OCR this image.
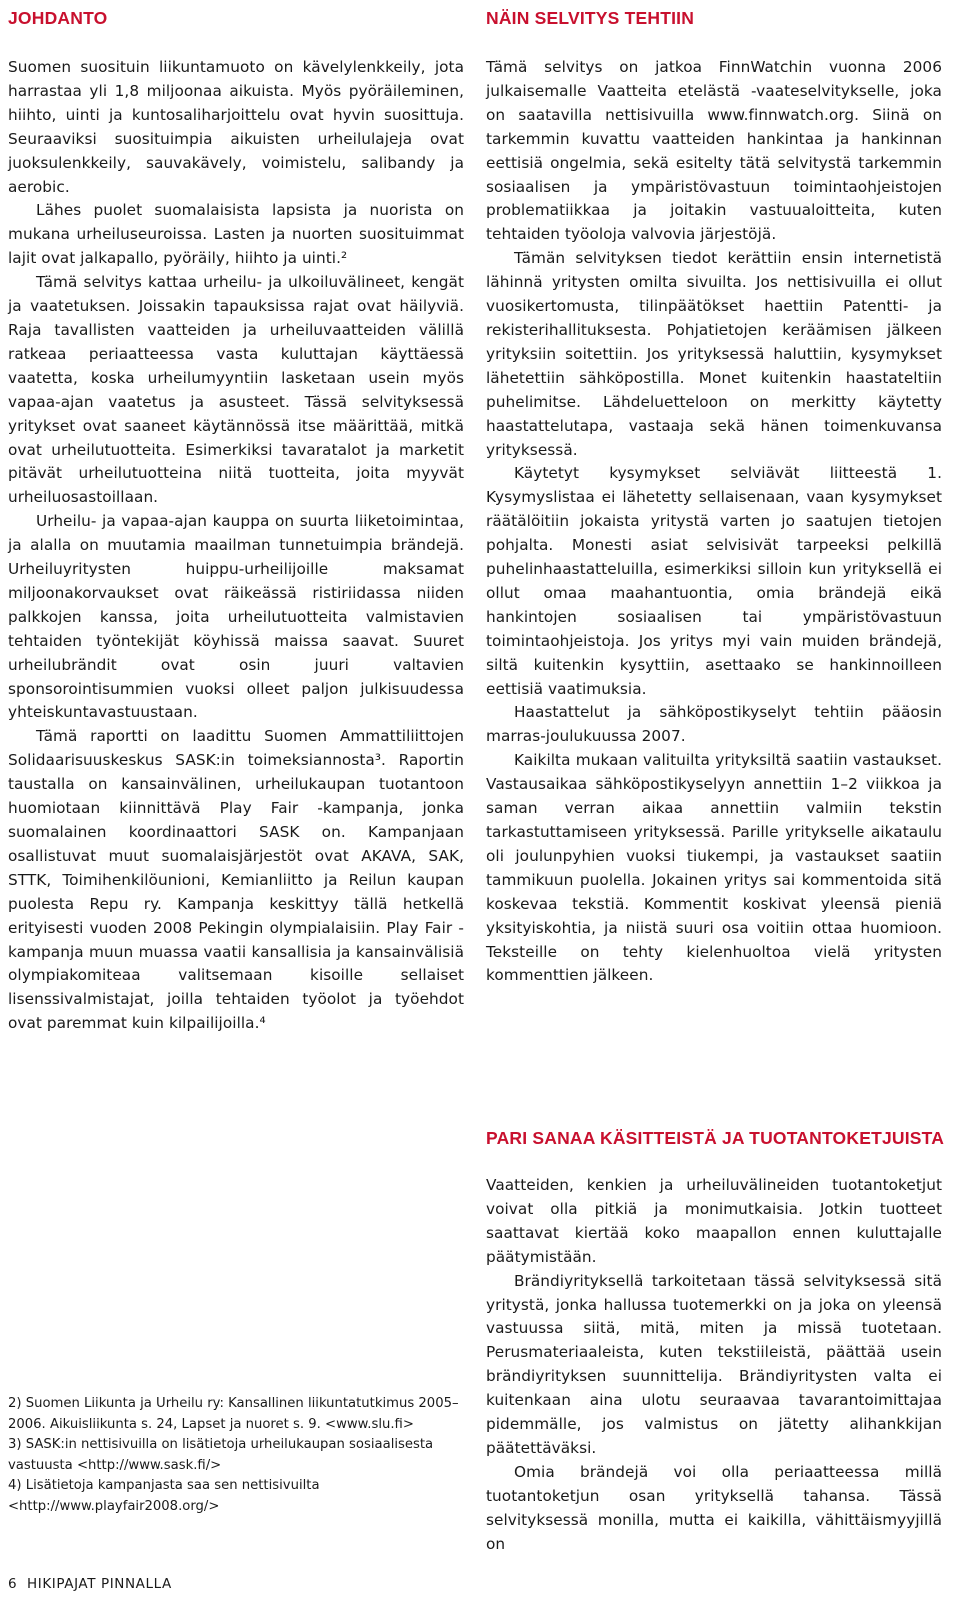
JOHDANTO

Suomen suosituin liikuntamuoto on kävelylenkkeily, jota harrastaa yli 1,8 miljoonaa aikuista. Myös pyöräileminen, hiihto, uinti ja kuntosaliharjoittelu ovat hyvin suosittuja. Seuraaviksi suosituimpia aikuisten urheilulajeja ovat juoksulenkkeily, sauvakävely, voimistelu, salibandy ja aerobic.

Lähes puolet suomalaisista lapsista ja nuorista on mukana urheiluseuroissa. Lasten ja nuorten suosituimmat lajit ovat jalkapallo, pyöräily, hiihto ja uinti.²

Tämä selvitys kattaa urheilu- ja ulkoiluvälineet, kengät ja vaatetuksen. Joissakin tapauksissa rajat ovat häilyviä. Raja tavallisten vaatteiden ja urheiluvaatteiden välillä ratkeaa periaatteessa vasta kuluttajan käyttäessä vaatetta, koska urheilumyyntiin lasketaan usein myös vapaa-ajan vaatetus ja asusteet. Tässä selvityksessä yritykset ovat saaneet käytännössä itse määrittää, mitkä ovat urheilutuotteita. Esimerkiksi tavaratalot ja marketit pitävät urheilutuotteina niitä tuotteita, joita myyvät urheiluosastoillaan.

Urheilu- ja vapaa-ajan kauppa on suurta liiketoimintaa, ja alalla on muutamia maailman tunnetuimpia brändejä. Urheiluyritysten huippu-urheilijoille maksamat miljoonakorvaukset ovat räikeässä ristiriidassa niiden palkkojen kanssa, joita urheilutuotteita valmistavien tehtaiden työntekijät köyhissä maissa saavat. Suuret urheilubrändit ovat osin juuri valtavien sponsorointisummien vuoksi olleet paljon julkisuudessa yhteiskuntavastuustaan.

Tämä raportti on laadittu Suomen Ammattiliittojen Solidaarisuuskeskus SASK:in toimeksiannosta³. Raportin taustalla on kansainvälinen, urheilukaupan tuotantoon huomiotaan kiinnittävä Play Fair -kampanja, jonka suomalainen koordinaattori SASK on. Kampanjaan osallistuvat muut suomalaisjärjestöt ovat AKAVA, SAK, STTK, Toimihenkilöunioni, Kemianliitto ja Reilun kaupan puolesta Repu ry. Kampanja keskittyy tällä hetkellä erityisesti vuoden 2008 Pekingin olympialaisiin. Play Fair -kampanja muun muassa vaatii kansallisia ja kansainvälisiä olympiakomiteaa valitsemaan kisoille sellaiset lisenssivalmistajat, joilla tehtaiden työolot ja työehdot ovat paremmat kuin kilpailijoilla.⁴

NÄIN SELVITYS TEHTIIN

Tämä selvitys on jatkoa FinnWatchin vuonna 2006 julkaisemalle Vaatteita etelästä -vaateselvitykselle, joka on saatavilla nettisivuilla www.finnwatch.org. Siinä on tarkemmin kuvattu vaatteiden hankintaa ja hankinnan eettisiä ongelmia, sekä esitelty tätä selvitystä tarkemmin sosiaalisen ja ympäristövastuun toimintaohjeistojen problematiikkaa ja joitakin vastuualoitteita, kuten tehtaiden työoloja valvovia järjestöjä.

Tämän selvityksen tiedot kerättiin ensin internetistä lähinnä yritysten omilta sivuilta. Jos nettisivuilla ei ollut vuosikertomusta, tilinpäätökset haettiin Patentti- ja rekisterihallituksesta. Pohjatietojen keräämisen jälkeen yrityksiin soitettiin. Jos yrityksessä haluttiin, kysymykset lähetettiin sähköpostilla. Monet kuitenkin haastateltiin puhelimitse. Lähdeluetteloon on merkitty käytetty haastattelutapa, vastaaja sekä hänen toimenkuvansa yrityksessä.

Käytetyt kysymykset selviävät liitteestä 1. Kysymyslistaa ei lähetetty sellaisenaan, vaan kysymykset räätälöitiin jokaista yritystä varten jo saatujen tietojen pohjalta. Monesti asiat selvisivät tarpeeksi pelkillä puhelinhaastatteluilla, esimerkiksi silloin kun yrityksellä ei ollut omaa maahantuontia, omia brändejä eikä hankintojen sosiaalisen tai ympäristövastuun toimintaohjeistoja. Jos yritys myi vain muiden brändejä, siltä kuitenkin kysyttiin, asettaako se hankinnoilleen eettisiä vaatimuksia.

Haastattelut ja sähköpostikyselyt tehtiin pääosin marras-joulukuussa 2007.

Kaikilta mukaan valituilta yrityksiltä saatiin vastaukset. Vastausaikaa sähköpostikyselyyn annettiin 1–2 viikkoa ja saman verran aikaa annettiin valmiin tekstin tarkastuttamiseen yrityksessä. Parille yritykselle aikataulu oli joulunpyhien vuoksi tiukempi, ja vastaukset saatiin tammikuun puolella. Jokainen yritys sai kommentoida sitä koskevaa tekstiä. Kommentit koskivat yleensä pieniä yksityiskohtia, ja niistä suuri osa voitiin ottaa huomioon. Teksteille on tehty kielenhuoltoa vielä yritysten kommenttien jälkeen.

PARI SANAA KÄSITTEISTÄ JA TUOTANTOKETJUISTA

Vaatteiden, kenkien ja urheiluvälineiden tuotantoketjut voivat olla pitkiä ja monimutkaisia. Jotkin tuotteet saattavat kiertää koko maapallon ennen kuluttajalle päätymistään.

Brändiyrityksellä tarkoitetaan tässä selvityksessä sitä yritystä, jonka hallussa tuotemerkki on ja joka on yleensä vastuussa siitä, mitä, miten ja missä tuotetaan. Perusmateriaaleista, kuten tekstiileistä, päättää usein brändiyrityksen suunnittelija. Brändiyritysten valta ei kuitenkaan aina ulotu seuraavaa tavarantoimittajaa pidemmälle, jos valmistus on jätetty alihankkijan päätettäväksi.

Omia brändejä voi olla periaatteessa millä tuotantoketjun osan yrityksellä tahansa. Tässä selvityksessä monilla, mutta ei kaikilla, vähittäismyyjillä on

2) Suomen Liikunta ja Urheilu ry: Kansallinen liikuntatutkimus 2005–2006. Aikuisliikunta s. 24, Lapset ja nuoret s. 9. <www.slu.fi>

3) SASK:in nettisivuilla on lisätietoja urheilukaupan sosiaalisesta vastuusta <http://www.sask.fi/>

4) Lisätietoja kampanjasta saa sen nettisivuilta <http://www.playfair2008.org/>

6 HIKIPAJAT PINNALLA
